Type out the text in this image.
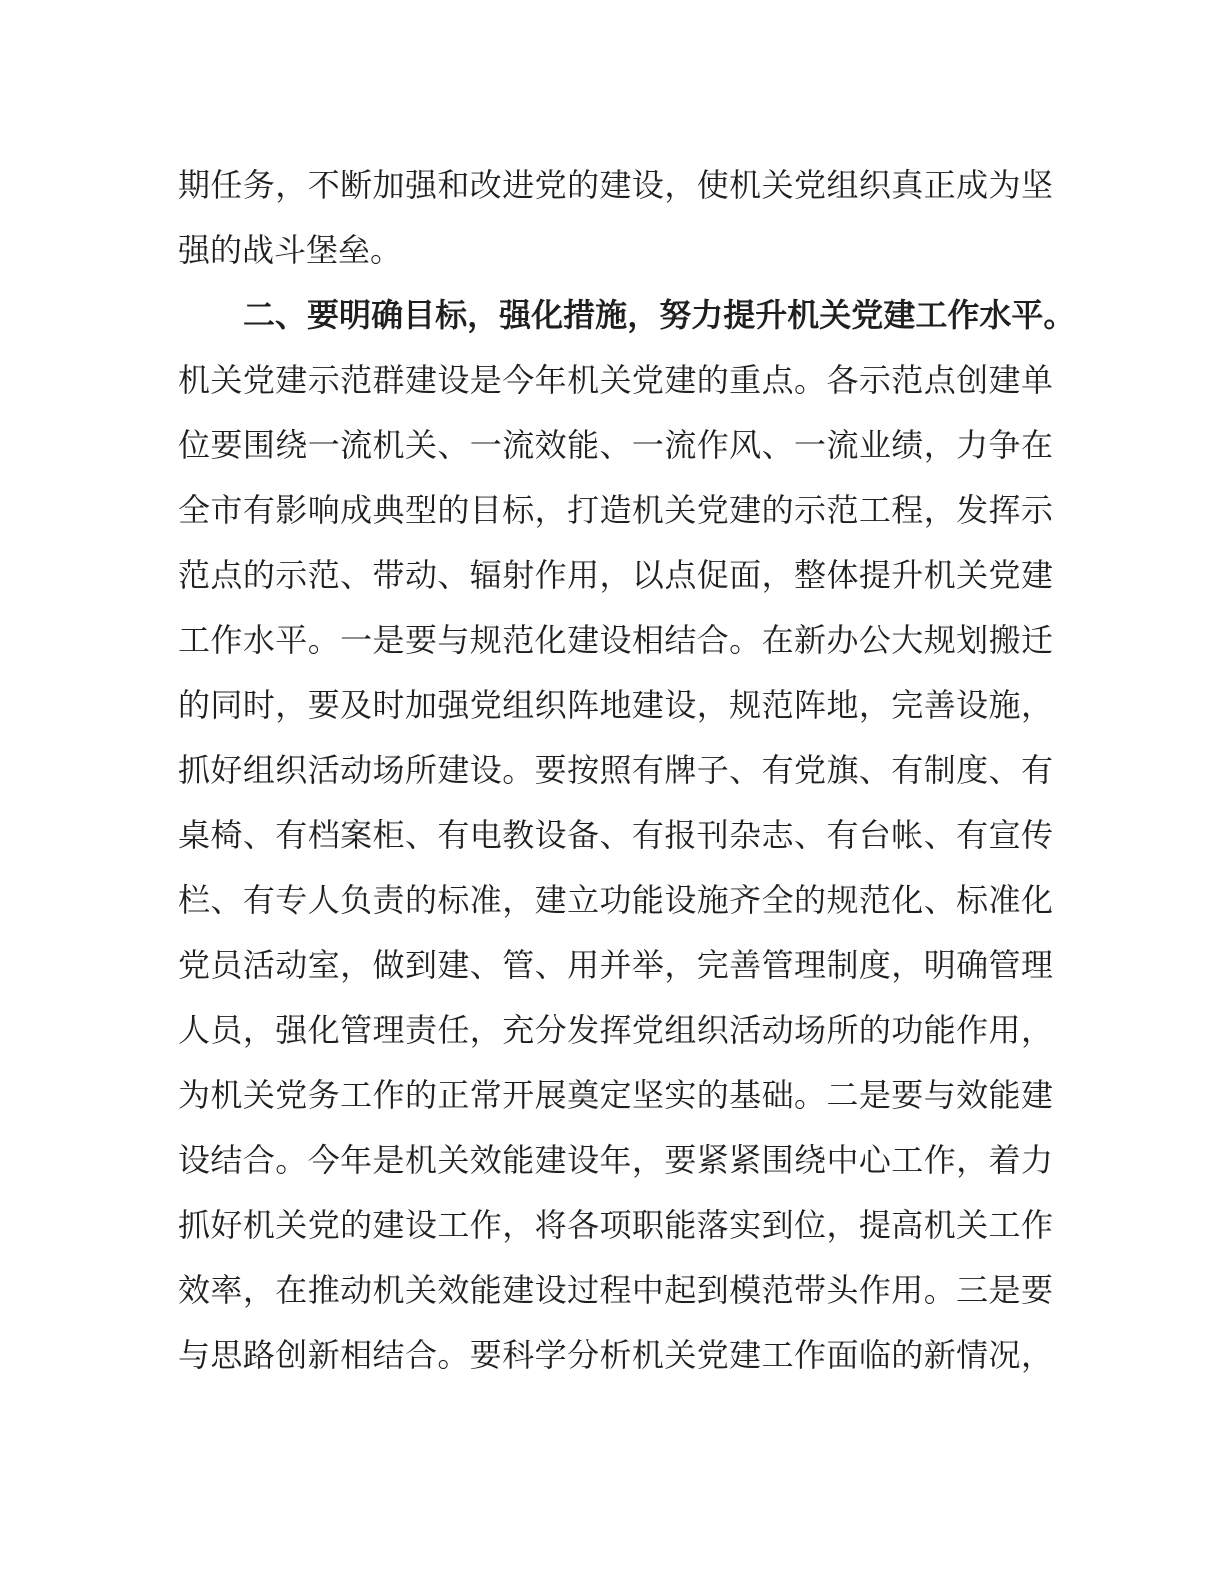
期 任 务 ， 不 断 加 强 和 改 进 党 的 建 设 ， 使 机 关 党 组 织 真 正 成 为 坚
强的战斗堡垒。
二 、 要 明 确 目 标 ， 强 化 措 施 ， 努 力 提 升 机 关 党 建 工 作 水 平 。
机 关 党 建 示 范 群 建 设 是 今 年 机 关 党 建 的 重 点 。 各 示 范 点 创 建 单
位 要 围 绕 一 流 机 关 、 一 流 效 能 、 一 流 作 风 、 一 流 业 绩 ， 力 争 在
全 市 有 影 响 成 典 型 的 目 标 ， 打 造 机 关 党 建 的 示 范 工 程 ， 发 挥 示
范 点 的 示 范 、 带 动 、 辐 射 作 用 ， 以 点 促 面 ， 整 体 提 升 机 关 党 建
工 作 水 平 。 一 是 要 与 规 范 化 建 设 相 结 合 。 在 新 办 公 大 规 划 搬 迁
的 同 时 ， 要 及 时 加 强 党 组 织 阵 地 建 设 ， 规 范 阵 地 ， 完 善 设 施 ，
抓 好 组 织 活 动 场 所 建 设 。 要 按 照 有 牌 子 、 有 党 旗 、 有 制 度 、 有
桌 椅 、 有 档 案 柜 、 有 电 教 设 备 、 有 报 刊 杂 志 、 有 台 帐 、 有 宣 传
栏 、 有 专 人 负 责 的 标 准 ， 建 立 功 能 设 施 齐 全 的 规 范 化 、 标 准 化
党 员 活 动 室 ， 做 到 建 、 管 、 用 并 举 ， 完 善 管 理 制 度 ， 明 确 管 理
人 员 ， 强 化 管 理 责 任 ， 充 分 发 挥 党 组 织 活 动 场 所 的 功 能 作 用 ，
为 机 关 党 务 工 作 的 正 常 开 展 奠 定 坚 实 的 基 础 。 二 是 要 与 效 能 建
设 结 合 。 今 年 是 机 关 效 能 建 设 年 ， 要 紧 紧 围 绕 中 心 工 作 ， 着 力
抓 好 机 关 党 的 建 设 工 作 ， 将 各 项 职 能 落 实 到 位 ， 提 高 机 关 工 作
效 率 ， 在 推 动 机 关 效 能 建 设 过 程 中 起 到 模 范 带 头 作 用 。 三 是 要
与 思 路 创 新 相 结 合 。 要 科 学 分 析 机 关 党 建 工 作 面 临 的 新 情 况 ，
